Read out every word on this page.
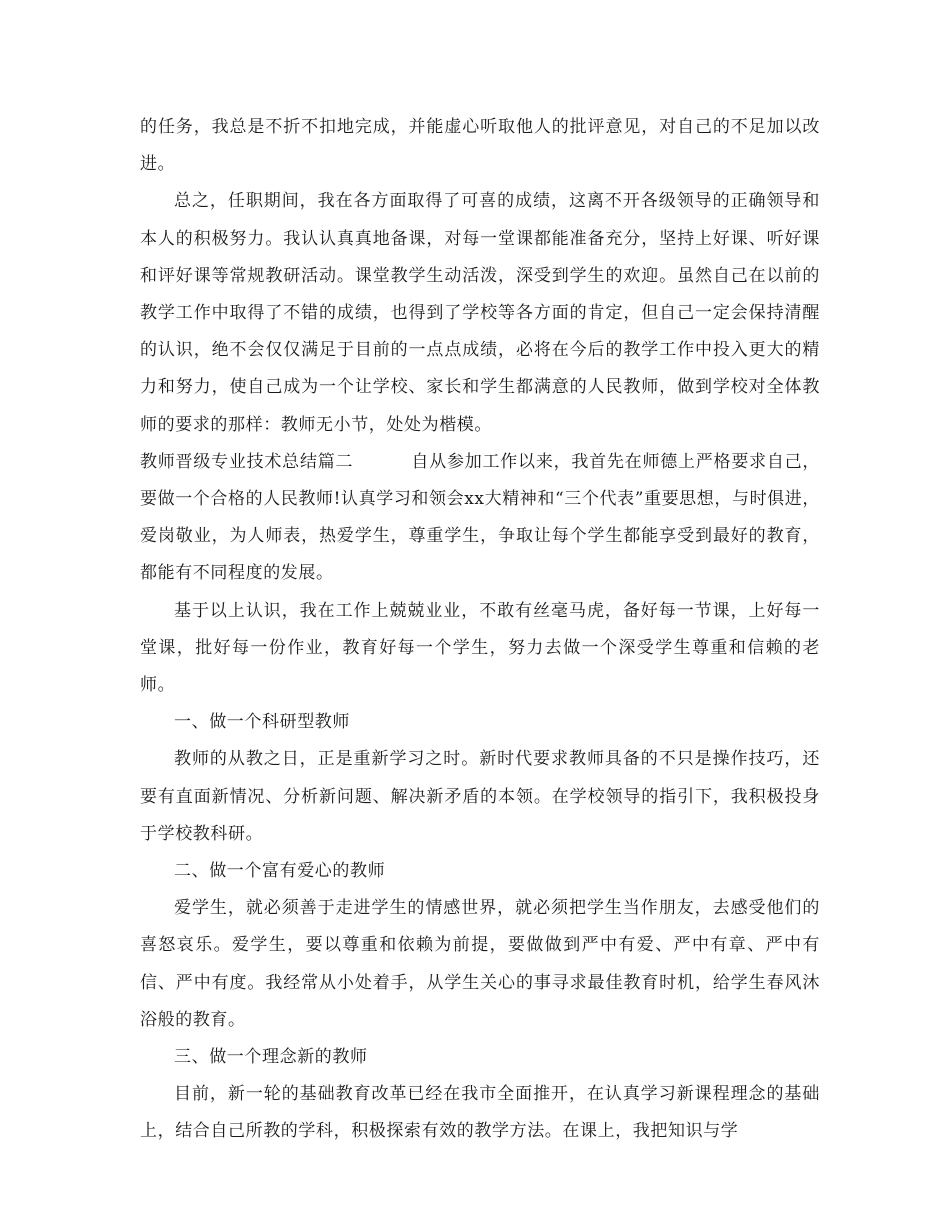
的任务，我总是不折不扣地完成，并能虚心听取他人的批评意见，对自己的不足加以改进。

总之，任职期间，我在各方面取得了可喜的成绩，这离不开各级领导的正确领导和本人的积极努力。我认认真真地备课，对每一堂课都能准备充分，坚持上好课、听好课和评好课等常规教研活动。课堂教学生动活泼，深受到学生的欢迎。虽然自己在以前的教学工作中取得了不错的成绩，也得到了学校等各方面的肯定，但自己一定会保持清醒的认识，绝不会仅仅满足于目前的一点点成绩，必将在今后的教学工作中投入更大的精力和努力，使自己成为一个让学校、家长和学生都满意的人民教师，做到学校对全体教师的要求的那样：教师无小节，处处为楷模。

教师晋级专业技术总结篇二	自从参加工作以来，我首先在师德上严格要求自己，要做一个合格的人民教师!认真学习和领会xx大精神和“三个代表”重要思想，与时俱进，爱岗敬业，为人师表，热爱学生，尊重学生，争取让每个学生都能享受到最好的教育，都能有不同程度的发展。

基于以上认识，我在工作上兢兢业业，不敢有丝毫马虎，备好每一节课，上好每一堂课，批好每一份作业，教育好每一个学生，努力去做一个深受学生尊重和信赖的老师。

一、做一个科研型教师

教师的从教之日，正是重新学习之时。新时代要求教师具备的不只是操作技巧，还要有直面新情况、分析新问题、解决新矛盾的本领。在学校领导的指引下，我积极投身于学校教科研。

二、做一个富有爱心的教师

爱学生，就必须善于走进学生的情感世界，就必须把学生当作朋友，去感受他们的喜怒哀乐。爱学生，要以尊重和依赖为前提，要做做到严中有爱、严中有章、严中有信、严中有度。我经常从小处着手，从学生关心的事寻求最佳教育时机，给学生春风沐浴般的教育。

三、做一个理念新的教师

目前，新一轮的基础教育改革已经在我市全面推开，在认真学习新课程理念的基础上，结合自己所教的学科，积极探索有效的教学方法。在课上，我把知识与学
